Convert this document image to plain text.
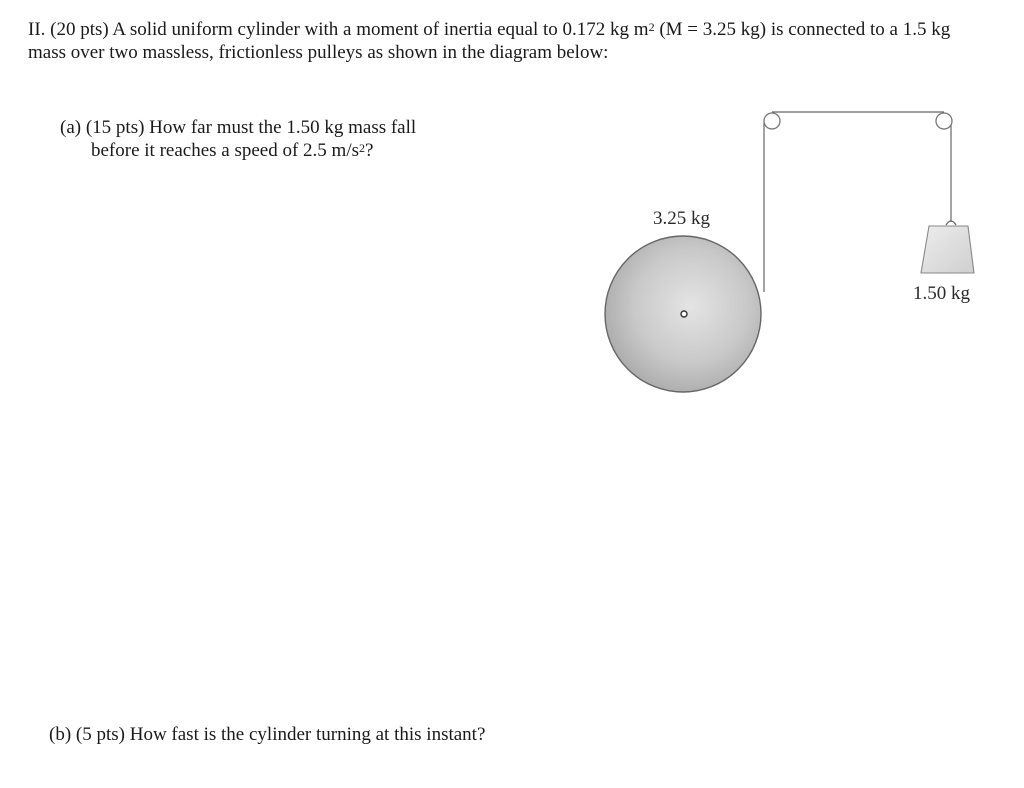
II. (20 pts) A solid uniform cylinder with a moment of inertia equal to 0.172 kg $m^2$ (M = 3.25 kg) is connected to a 1.5 kg mass over two massless, frictionless pulleys as shown in the diagram below:

(a) (15 pts) How far must the 1.50 kg mass fall
before it reaches a speed of 2.5 $m/s^2$?

(b) (5 pts) How fast is the cylinder turning at this instant?

3.25 kg
1.50 kg
